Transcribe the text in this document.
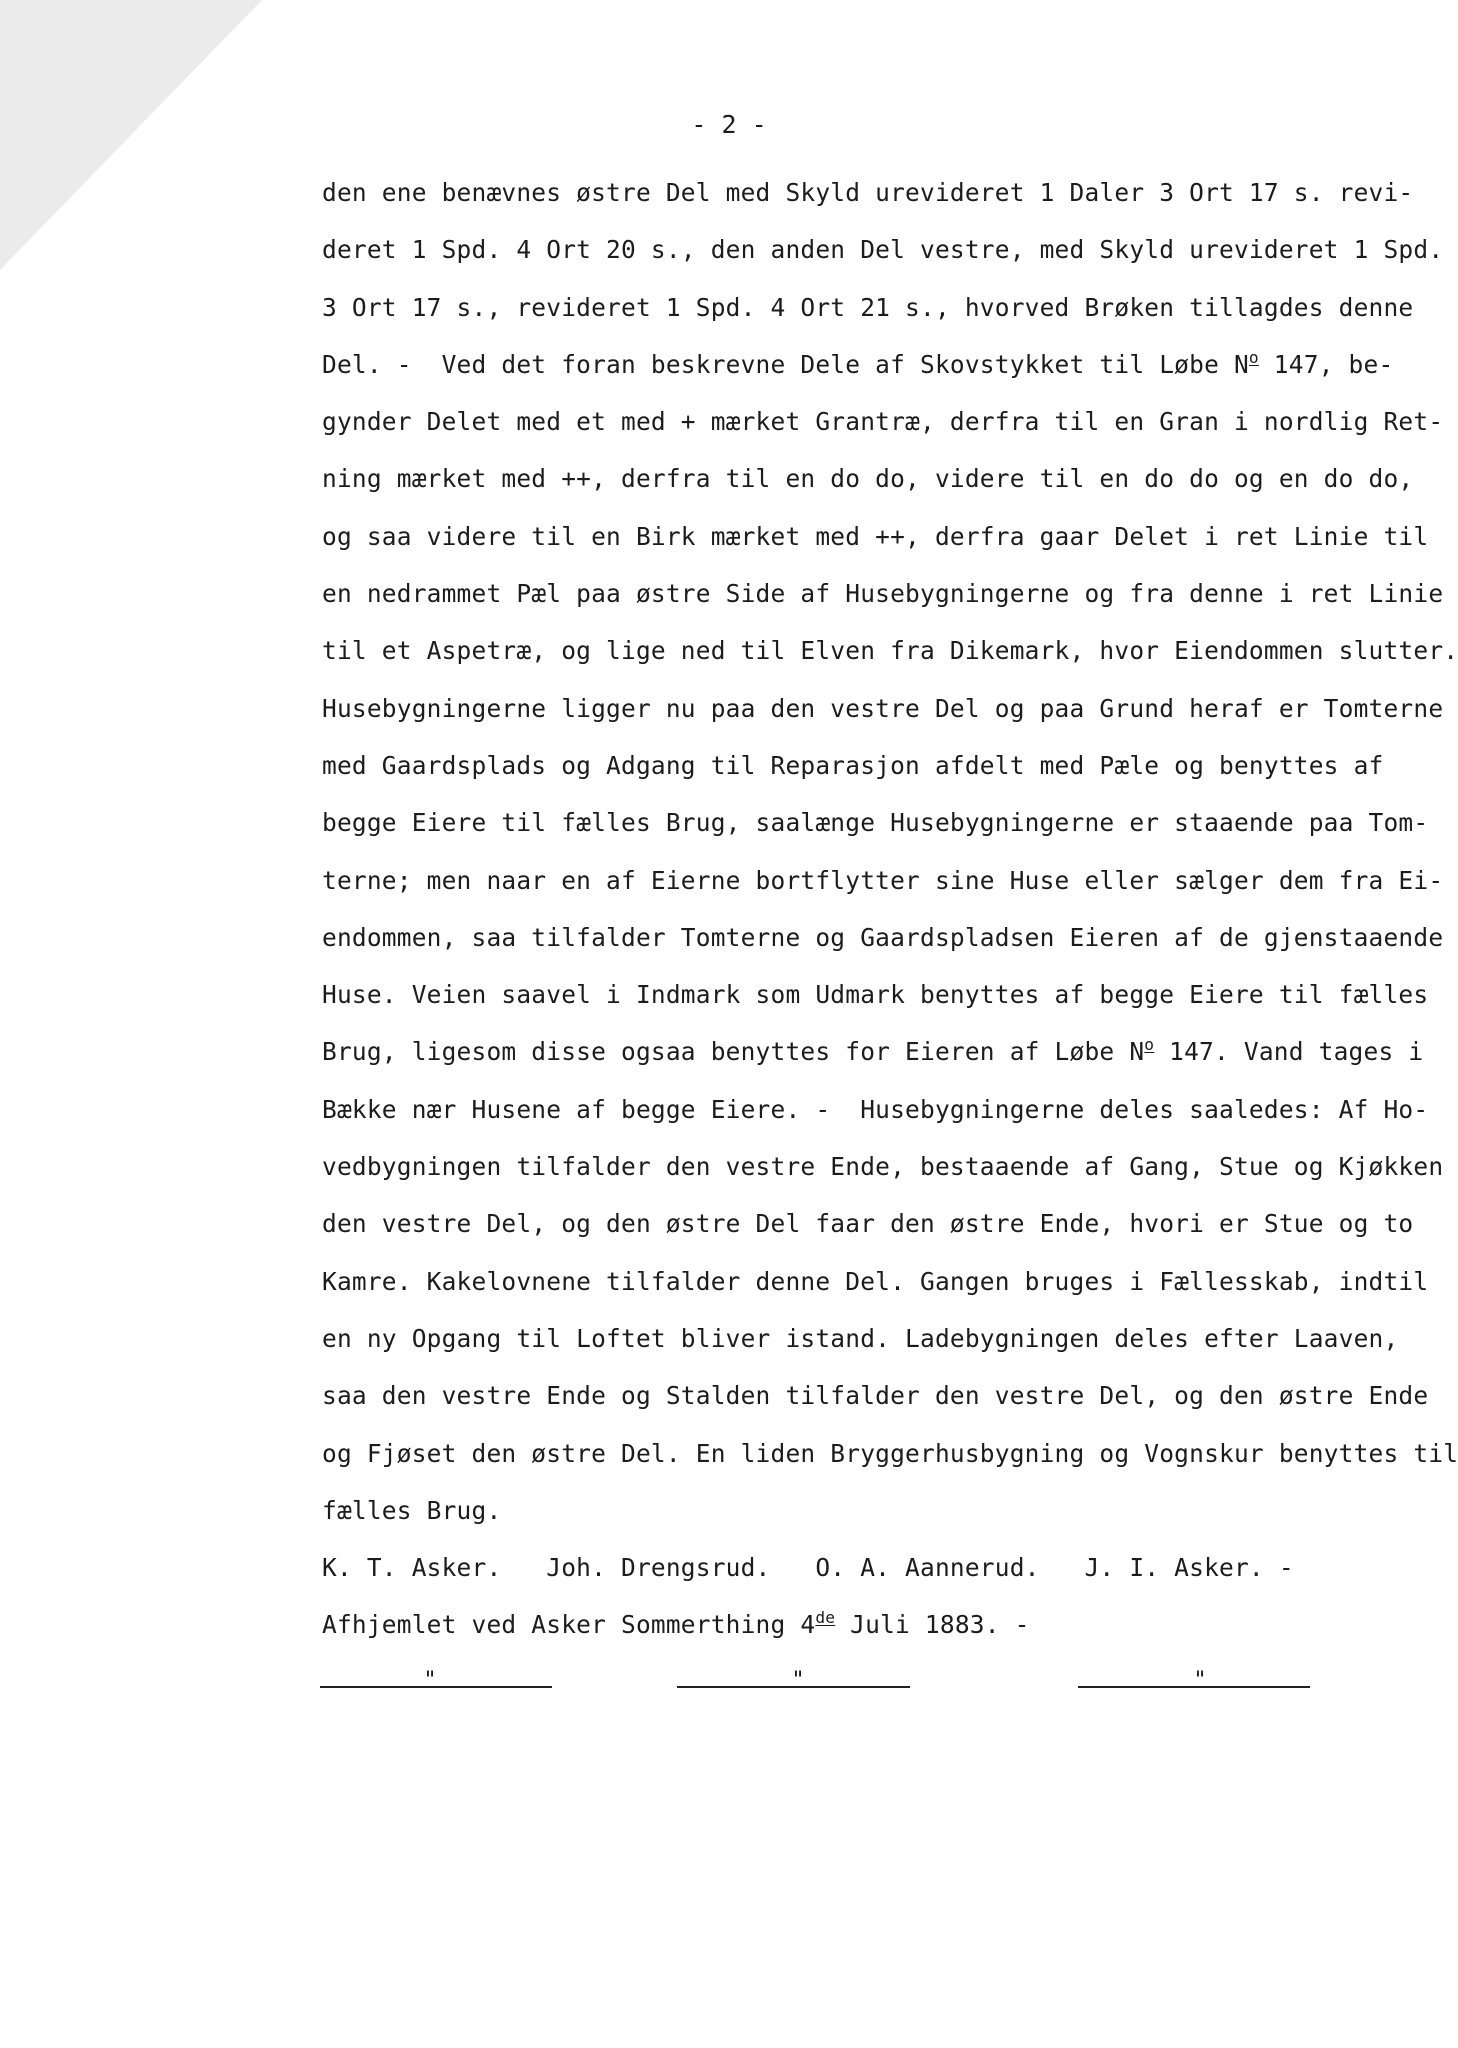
- 2 -
den ene benævnes østre Del med Skyld urevideret 1 Daler 3 Ort 17 s. revi-
deret 1 Spd. 4 Ort 20 s., den anden Del vestre, med Skyld urevideret 1 Spd.
3 Ort 17 s., revideret 1 Spd. 4 Ort 21 s., hvorved Brøken tillagdes denne
Del. -  Ved det foran beskrevne Dele af Skovstykket til Løbe $N^o$ 147, be-
gynder Delet med et med + mærket Grantræ, derfra til en Gran i nordlig Ret-
ning mærket med ++, derfra til en do do, videre til en do do og en do do,
og saa videre til en Birk mærket med ++, derfra gaar Delet i ret Linie til
en nedrammet Pæl paa østre Side af Husebygningerne og fra denne i ret Linie
til et Aspetræ, og lige ned til Elven fra Dikemark, hvor Eiendommen slutter.
Husebygningerne ligger nu paa den vestre Del og paa Grund heraf er Tomterne
med Gaardsplads og Adgang til Reparasjon afdelt med Pæle og benyttes af
begge Eiere til fælles Brug, saalænge Husebygningerne er staaende paa Tom-
terne; men naar en af Eierne bortflytter sine Huse eller sælger dem fra Ei-
endommen, saa tilfalder Tomterne og Gaardspladsen Eieren af de gjenstaaende
Huse. Veien saavel i Indmark som Udmark benyttes af begge Eiere til fælles
Brug, ligesom disse ogsaa benyttes for Eieren af Løbe $N^o$ 147. Vand tages i
Bække nær Husene af begge Eiere. -  Husebygningerne deles saaledes: Af Ho-
vedbygningen tilfalder den vestre Ende, bestaaende af Gang, Stue og Kjøkken
den vestre Del, og den østre Del faar den østre Ende, hvori er Stue og to
Kamre. Kakelovnene tilfalder denne Del. Gangen bruges i Fællesskab, indtil
en ny Opgang til Loftet bliver istand. Ladebygningen deles efter Laaven,
saa den vestre Ende og Stalden tilfalder den vestre Del, og den østre Ende
og Fjøset den østre Del. En liden Bryggerhusbygning og Vognskur benyttes til
fælles Brug.
K. T. Asker.   Joh. Drengsrud.   O. A. Aannerud.   J. I. Asker. -
Afhjemlet ved Asker Sommerthing 4de Juli 1883. -
"	"	"
